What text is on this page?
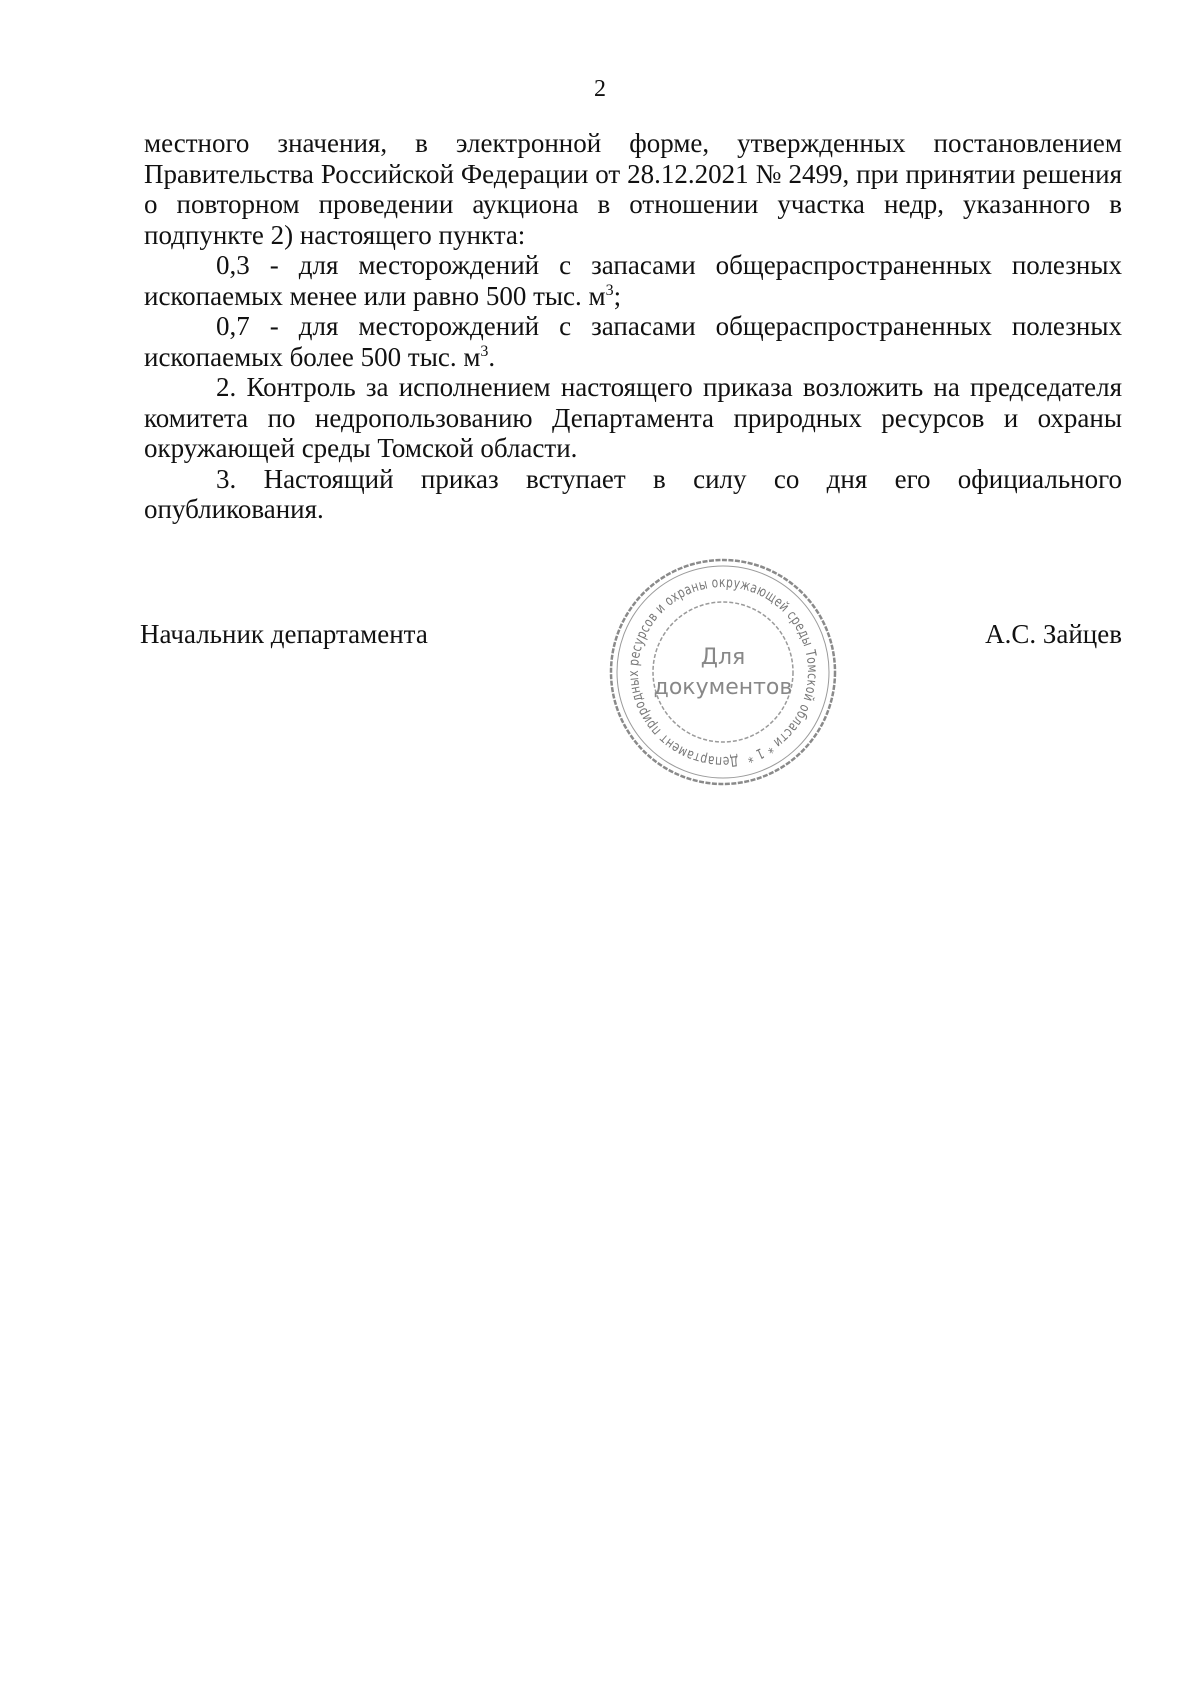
2

местного значения, в электронной форме, утвержденных постановлением Правительства Российской Федерации от 28.12.2021 № 2499, при принятии решения о повторном проведении аукциона в отношении участка недр, указанного в подпункте 2) настоящего пункта:

0,3 - для месторождений с запасами общераспространенных полезных ископаемых менее или равно 500 тыс. $м^3$;

0,7 - для месторождений с запасами общераспространенных полезных ископаемых более 500 тыс. $м^3$.

2. Контроль за исполнением настоящего приказа возложить на председателя комитета по недропользованию Департамента природных ресурсов и охраны окружающей среды Томской области.

3. Настоящий приказ вступает в силу со дня его официального опубликования.

Начальник департамента
Департамент природных ресурсов и охраны окружающей среды Томской области * 1 *
Для
документов
А.С. Зайцев
